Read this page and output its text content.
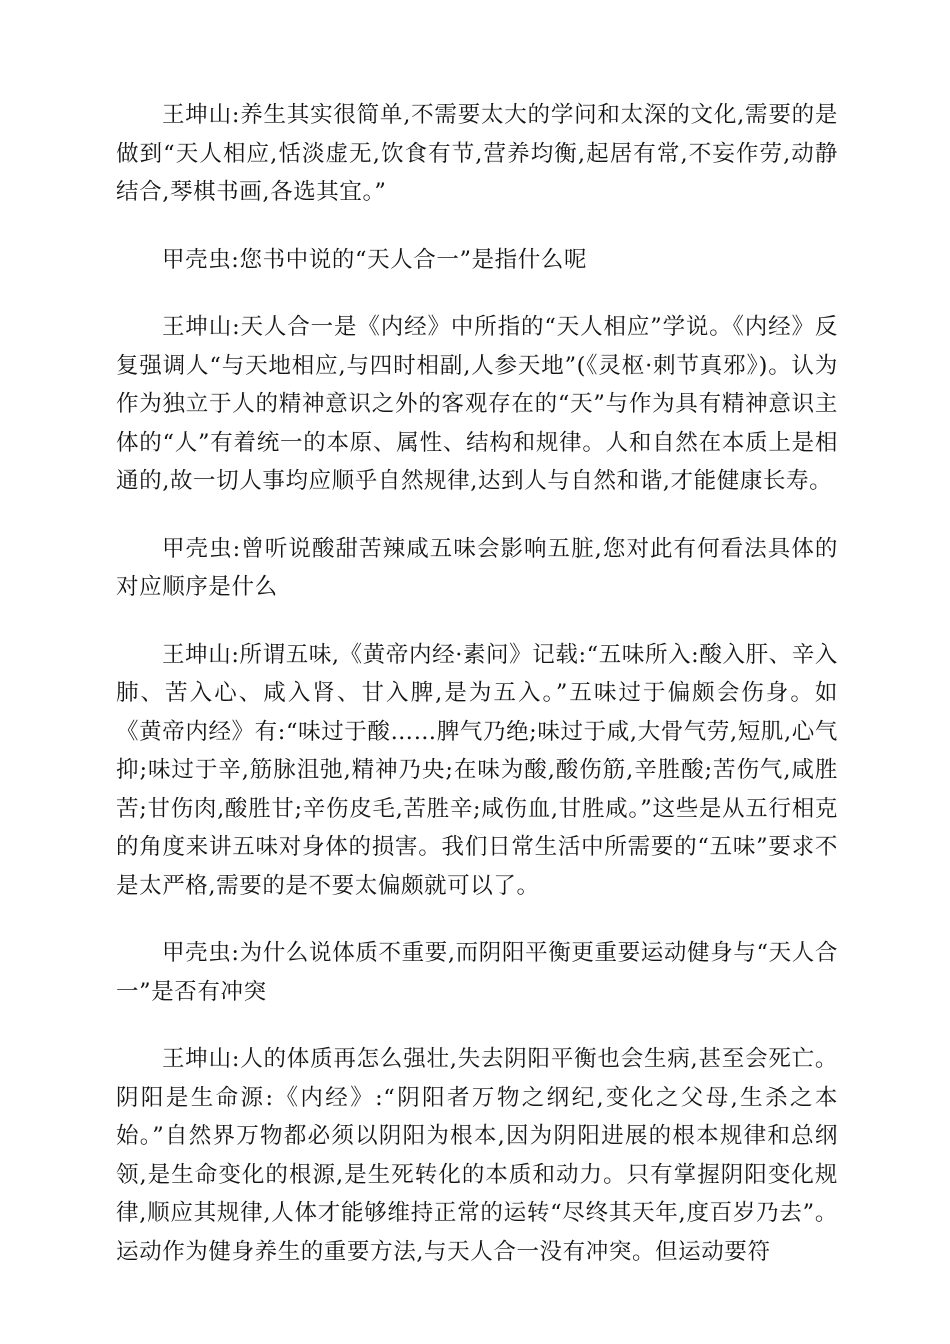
王坤山:养生其实很简单,不需要太大的学问和太深的文化,需要的是做到“天人相应,恬淡虚无,饮食有节,营养均衡,起居有常,不妄作劳,动静结合,琴棋书画,各选其宜。”

甲壳虫:您书中说的“天人合一”是指什么呢

王坤山:天人合一是《内经》中所指的“天人相应”学说。《内经》反复强调人“与天地相应,与四时相副,人参天地”(《灵枢·刺节真邪》)。认为作为独立于人的精神意识之外的客观存在的“天”与作为具有精神意识主体的“人”有着统一的本原、属性、结构和规律。人和自然在本质上是相通的,故一切人事均应顺乎自然规律,达到人与自然和谐,才能健康长寿。

甲壳虫:曾听说酸甜苦辣咸五味会影响五脏,您对此有何看法具体的对应顺序是什么

王坤山:所谓五味,《黄帝内经·素问》记载:“五味所入:酸入肝、辛入肺、苦入心、咸入肾、甘入脾,是为五入。”五味过于偏颇会伤身。如《黄帝内经》有:“味过于酸……脾气乃绝;味过于咸,大骨气劳,短肌,心气抑;味过于辛,筋脉沮弛,精神乃央;在味为酸,酸伤筋,辛胜酸;苦伤气,咸胜苦;甘伤肉,酸胜甘;辛伤皮毛,苦胜辛;咸伤血,甘胜咸。”这些是从五行相克的角度来讲五味对身体的损害。我们日常生活中所需要的“五味”要求不是太严格,需要的是不要太偏颇就可以了。

甲壳虫:为什么说体质不重要,而阴阳平衡更重要运动健身与“天人合一”是否有冲突

王坤山:人的体质再怎么强壮,失去阴阳平衡也会生病,甚至会死亡。阴阳是生命源:《内经》:“阴阳者万物之纲纪,变化之父母,生杀之本始。”自然界万物都必须以阴阳为根本,因为阴阳进展的根本规律和总纲领,是生命变化的根源,是生死转化的本质和动力。只有掌握阴阳变化规律,顺应其规律,人体才能够维持正常的运转“尽终其天年,度百岁乃去”。运动作为健身养生的重要方法,与天人合一没有冲突。但运动要符
